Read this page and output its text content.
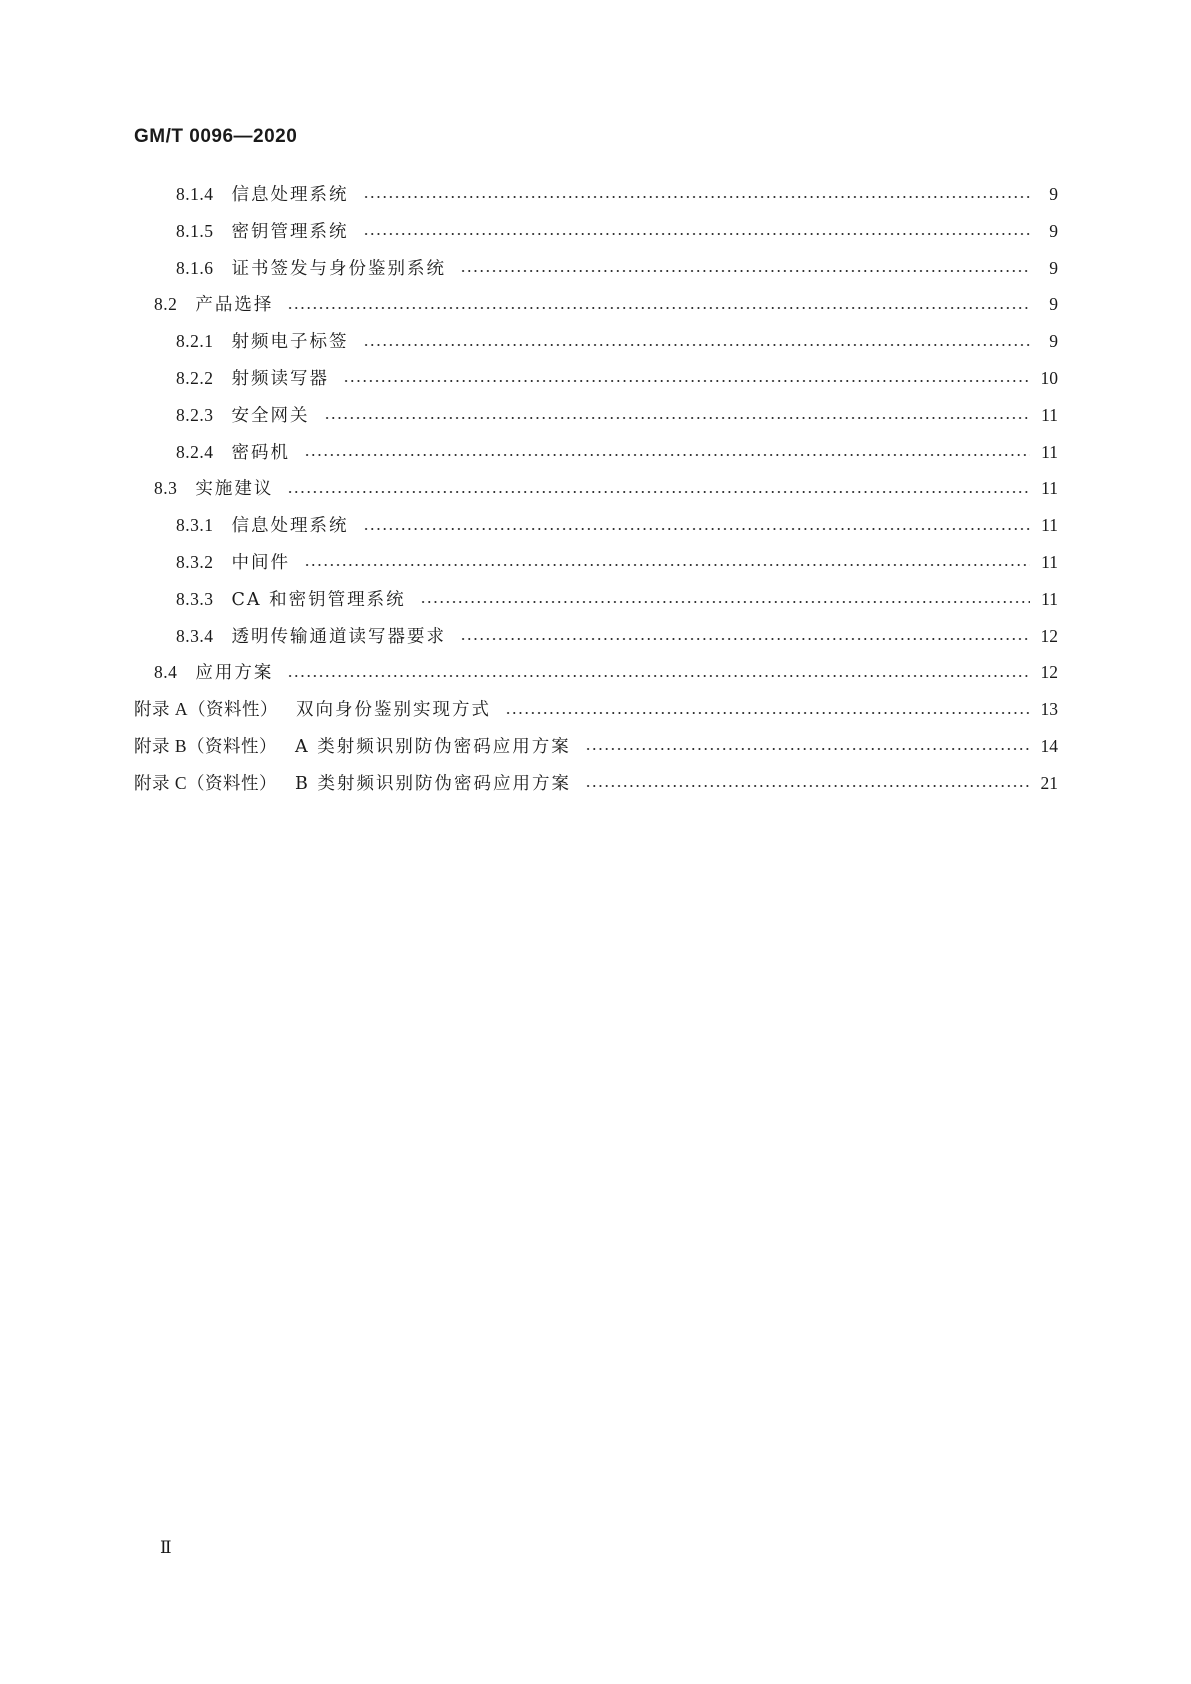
GM/T 0096—2020
8.1.4 信息处理系统	9
8.1.5 密钥管理系统	9
8.1.6 证书签发与身份鉴别系统	9
8.2 产品选择	9
8.2.1 射频电子标签	9
8.2.2 射频读写器	10
8.2.3 安全网关	11
8.2.4 密码机	11
8.3 实施建议	11
8.3.1 信息处理系统	11
8.3.2 中间件	11
8.3.3 CA 和密钥管理系统	11
8.3.4 透明传输通道读写器要求	12
8.4 应用方案	12
附录 A（资料性） 双向身份鉴别实现方式	13
附录 B（资料性） A 类射频识别防伪密码应用方案	14
附录 C（资料性） B 类射频识别防伪密码应用方案	21
Ⅱ
